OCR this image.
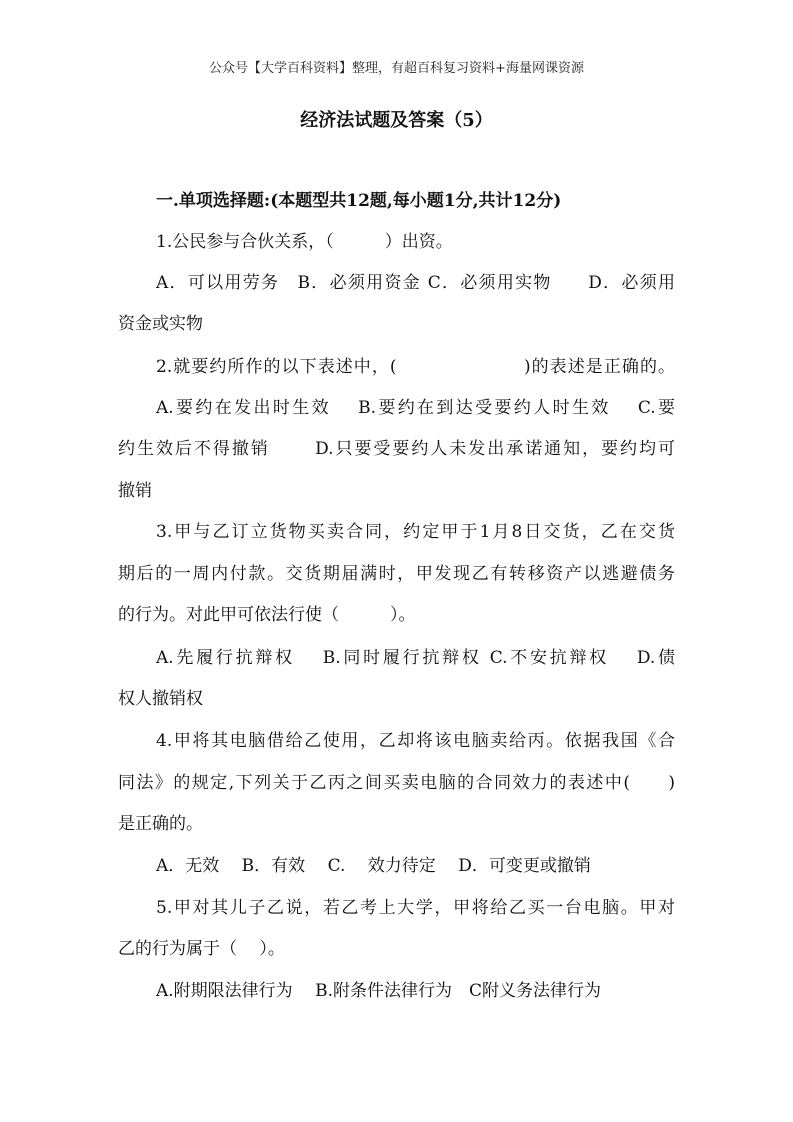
公众号【大学百科资料】整理，有超百科复习资料+海量网课资源
经济法试题及答案（5）
一.单项选择题:(本题型共12题,每小题1分,共计12分)
1.公民参与合伙关系，（　　　）出资。
A．可以用劳务　B．必须用资金 C．必须用实物　　D．必须用
资金或实物
2.就要约所作的以下表述中，(　　　　　　　)的表述是正确的。
A.要约在发出时生效　 B.要约在到达受要约人时生效　 C.要
约生效后不得撤销　　 D.只要受要约人未发出承诺通知，要约均可
撤销
3.甲与乙订立货物买卖合同，约定甲于1月8日交货，乙在交货
期后的一周内付款。交货期届满时，甲发现乙有转移资产以逃避债务
的行为。对此甲可依法行使（　　　）。
A.先履行抗辩权　 B.同时履行抗辩权 C.不安抗辩权　 D.债
权人撤销权
4.甲将其电脑借给乙使用，乙却将该电脑卖给丙。依据我国《合
同法》的规定,下列关于乙丙之间买卖电脑的合同效力的表述中(　　)
是正确的。
A．无效　 B．有效　 C.　 效力待定　 D．可变更或撤销
5.甲对其儿子乙说，若乙考上大学，甲将给乙买一台电脑。甲对
乙的行为属于（　 ）。
A.附期限法律行为　 B.附条件法律行为　C附义务法律行为
